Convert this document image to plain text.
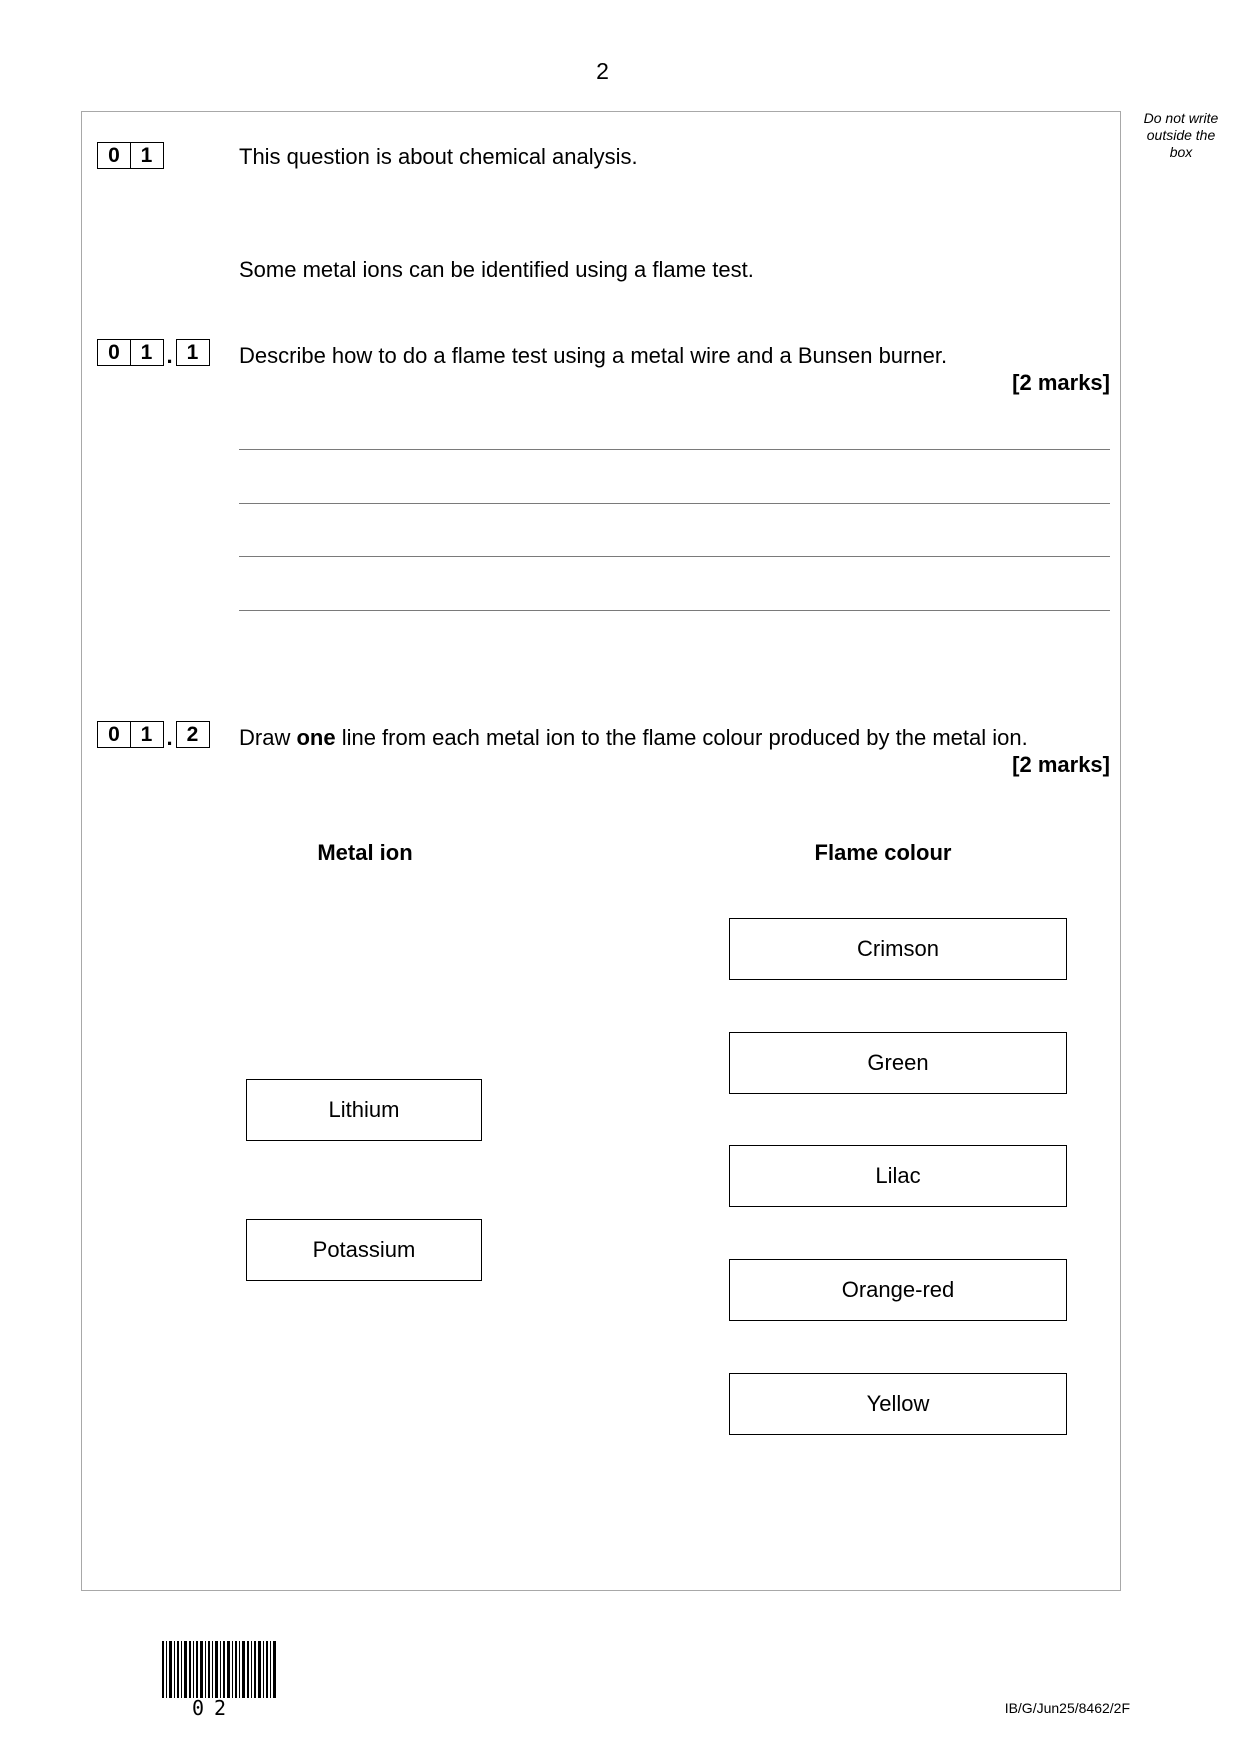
2
Do not write outside the box
0 1	This question is about chemical analysis.
Some metal ions can be identified using a flame test.
0 1 . 1	Describe how to do a flame test using a metal wire and a Bunsen burner.
[2 marks]
0 1 . 2	Draw one line from each metal ion to the flame colour produced by the metal ion.
[2 marks]
Metal ion	Flame colour
Lithium
Potassium
Crimson
Green
Lilac
Orange-red
Yellow
02	IB/G/Jun25/8462/2F
